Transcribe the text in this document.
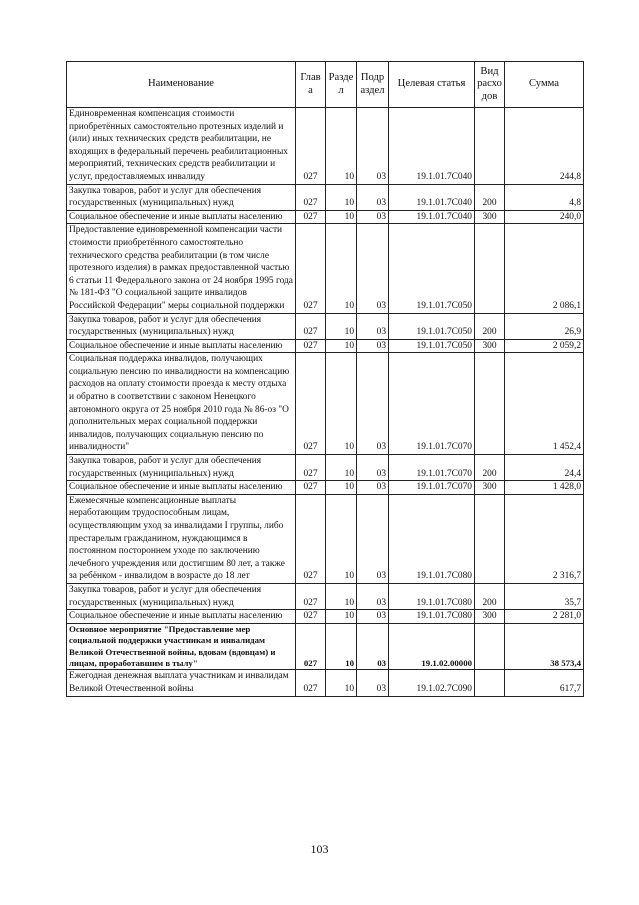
Наименование	Глав а	Разде л	Подр аздел	Целевая статья	Вид расхо дов	Сумма
Единовременная компенсация стоимости приобретённых самостоятельно протезных изделий и (или) иных технических средств реабилитации, не входящих в федеральный перечень реабилитационных мероприятий, технических средств реабилитации и услуг, предоставляемых инвалиду	027	10	03	19.1.01.7С040		244,8
Закупка товаров, работ и услуг для обеспечения государственных (муниципальных) нужд	027	10	03	19.1.01.7С040	200	4,8
Социальное обеспечение и иные выплаты населению	027	10	03	19.1.01.7С040	300	240,0
Предоставление единовременной компенсации части стоимости приобретённого самостоятельно технического средства реабилитации (в том числе протезного изделия) в рамках предоставленной частью 6 статьи 11 Федерального закона от 24 ноября 1995 года № 181-ФЗ "О социальной защите инвалидов Российской Федерации" меры социальной поддержки	027	10	03	19.1.01.7С050		2 086,1
Закупка товаров, работ и услуг для обеспечения государственных (муниципальных) нужд	027	10	03	19.1.01.7С050	200	26,9
Социальное обеспечение и иные выплаты населению	027	10	03	19.1.01.7С050	300	2 059,2
Социальная поддержка инвалидов, получающих социальную пенсию по инвалидности на компенсацию расходов на оплату стоимости проезда к месту отдыха и обратно в соответствии с законом Ненецкого автономного округа от 25 ноября 2010 года № 86-оз "О дополнительных мерах социальной поддержки инвалидов, получающих социальную пенсию по инвалидности"	027	10	03	19.1.01.7С070		1 452,4
Закупка товаров, работ и услуг для обеспечения государственных (муниципальных) нужд	027	10	03	19.1.01.7С070	200	24,4
Социальное обеспечение и иные выплаты населению	027	10	03	19.1.01.7С070	300	1 428,0
Ежемесячные компенсационные выплаты неработающим трудоспособным лицам, осуществляющим уход за инвалидами I группы, либо престарелым гражданином, нуждающимся в постоянном постороннем уходе по заключению лечебного учреждения или достигшим 80 лет, а также за ребёнком - инвалидом в возрасте до 18 лет	027	10	03	19.1.01.7С080		2 316,7
Закупка товаров, работ и услуг для обеспечения государственных (муниципальных) нужд	027	10	03	19.1.01.7С080	200	35,7
Социальное обеспечение и иные выплаты населению	027	10	03	19.1.01.7С080	300	2 281,0
Основное мероприятие "Предоставление мер социальной поддержки участникам и инвалидам Великой Отечественной войны, вдовам (вдовцам) и лицам, проработавшим в тылу"	027	10	03	19.1.02.00000		38 573,4
Ежегодная денежная выплата участникам и инвалидам Великой Отечественной войны	027	10	03	19.1.02.7С090		617,7
103
